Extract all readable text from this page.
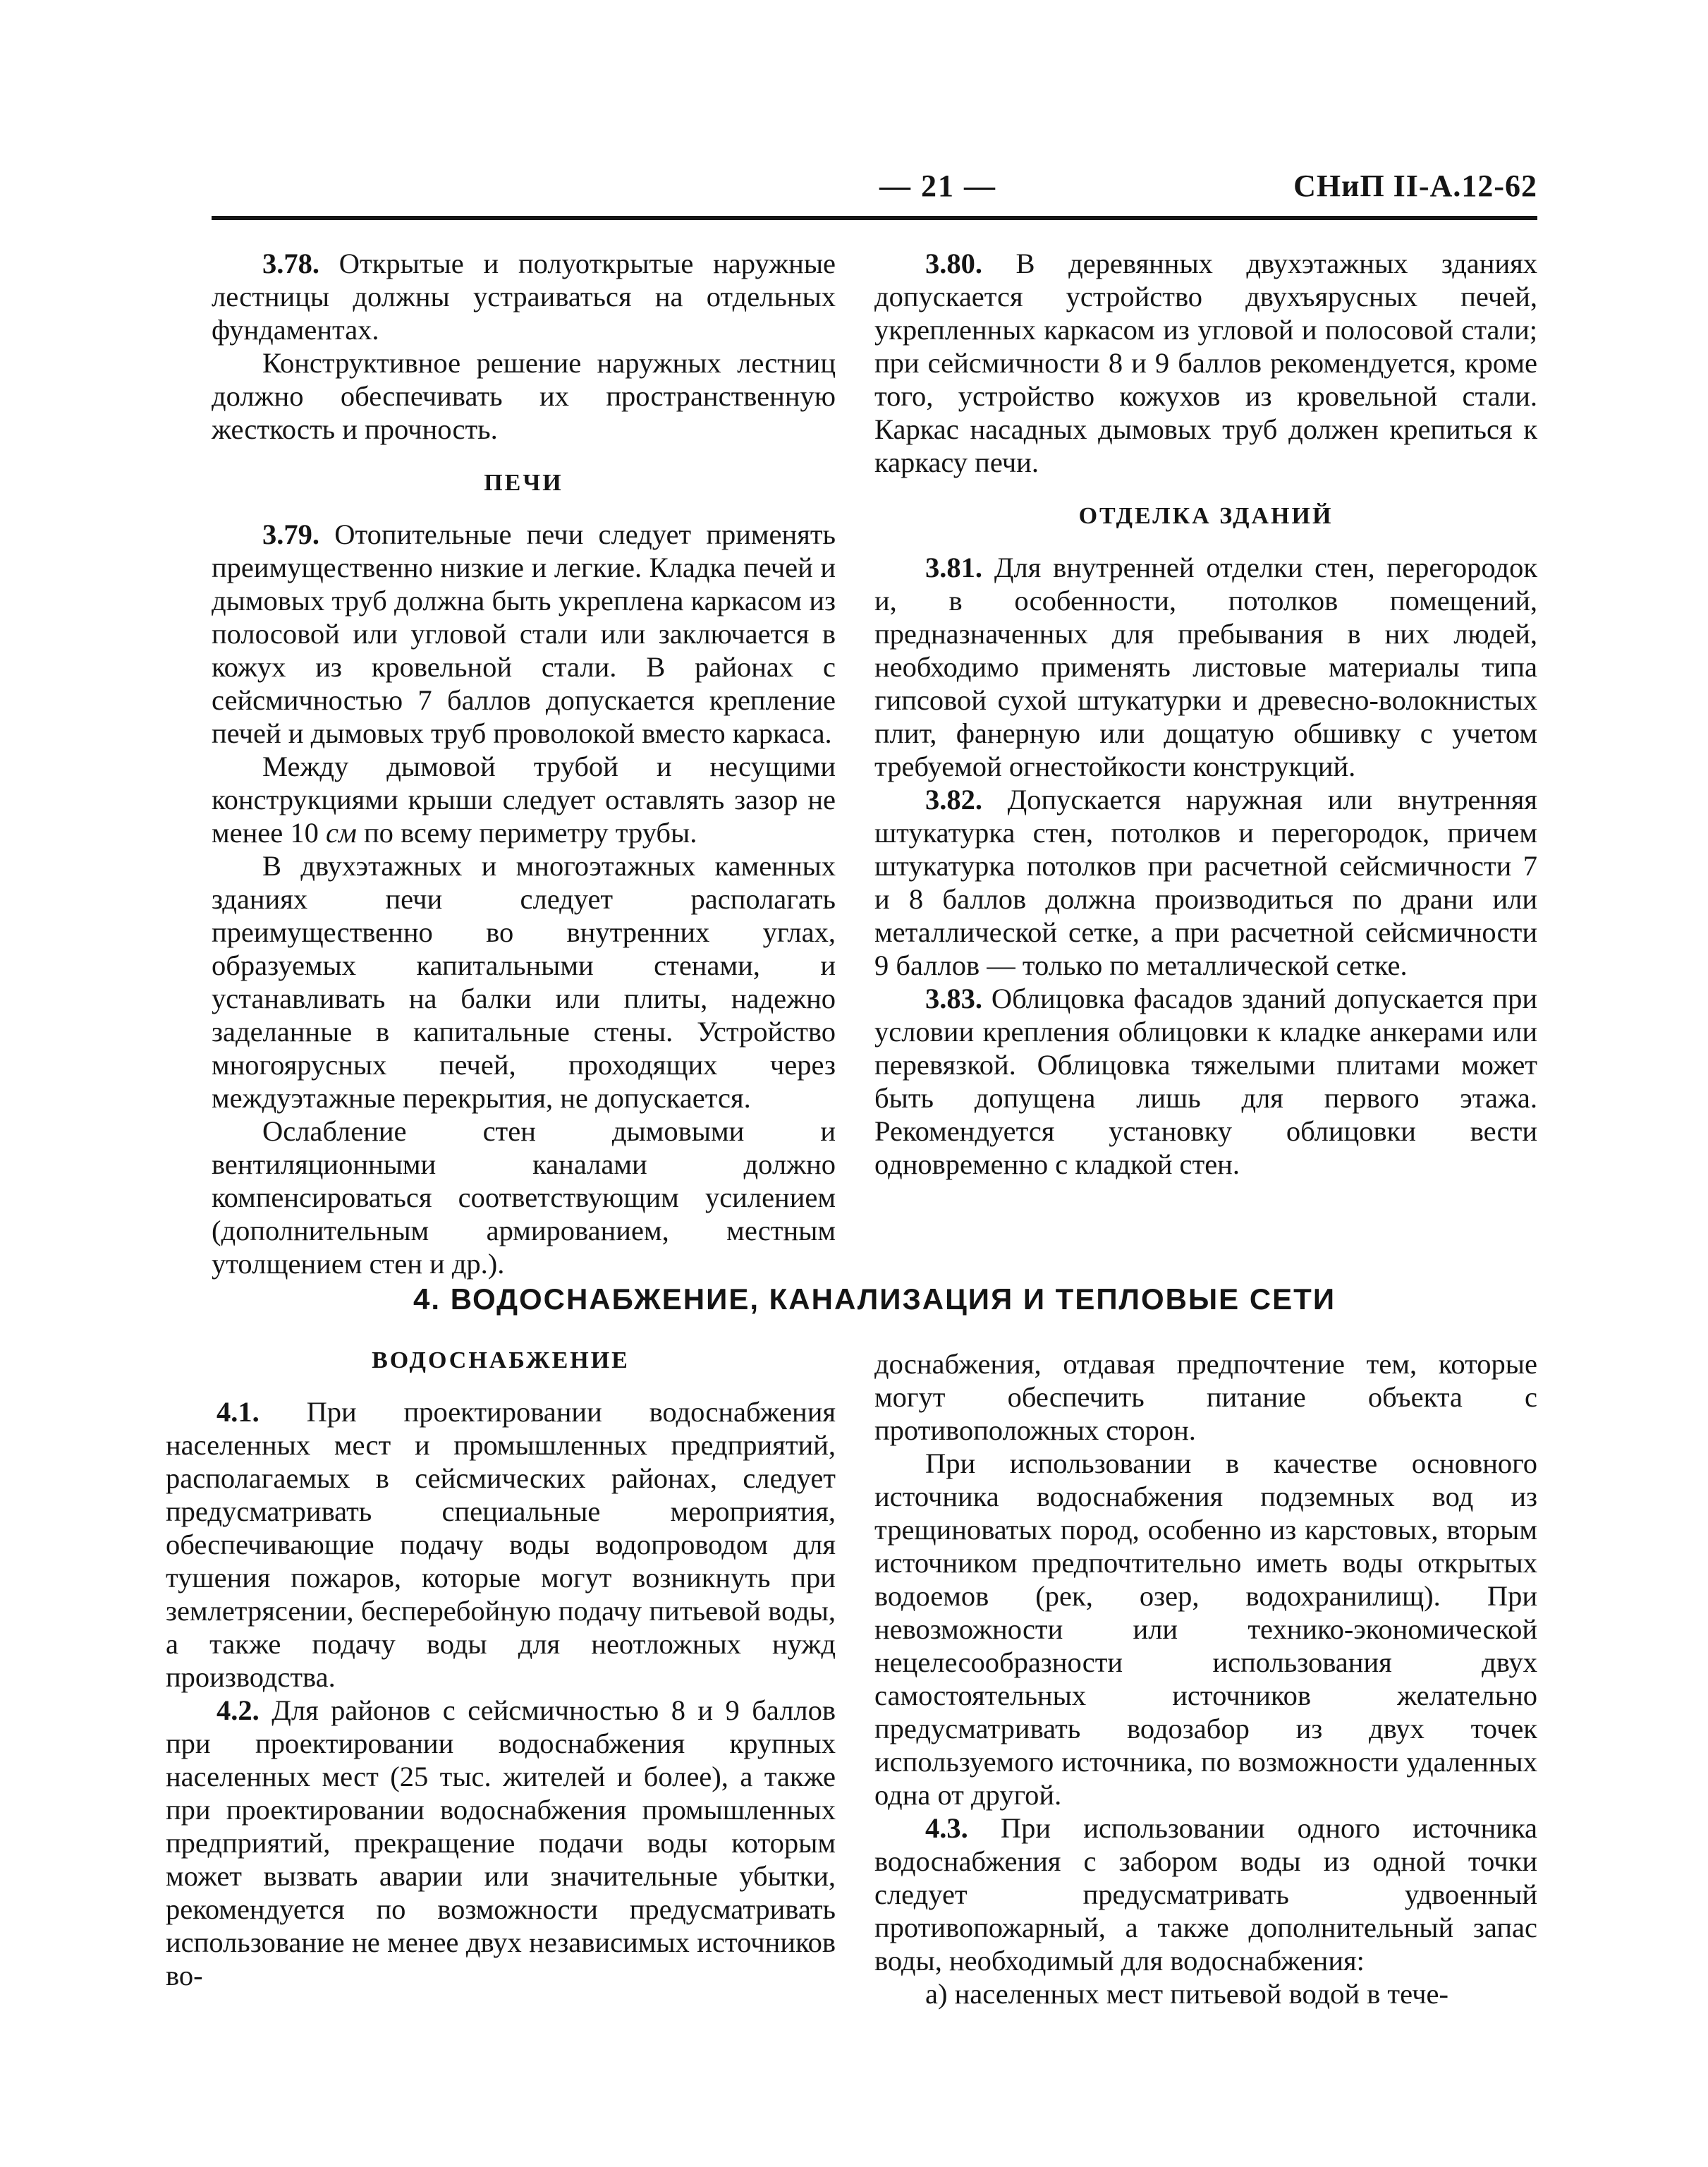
— 21 —	СНиП II-А.12-62

3.78. Открытые и полуоткрытые наружные лестницы должны устраиваться на отдельных фундаментах.

Конструктивное решение наружных лестниц должно обеспечивать их пространственную жесткость и прочность.

ПЕЧИ

3.79. Отопительные печи следует применять преимущественно низкие и легкие. Кладка печей и дымовых труб должна быть укреплена каркасом из полосовой или угловой стали или заключается в кожух из кровельной стали. В районах с сейсмичностью 7 баллов допускается крепление печей и дымовых труб проволокой вместо каркаса.

Между дымовой трубой и несущими конструкциями крыши следует оставлять зазор не менее 10 см по всему периметру трубы.

В двухэтажных и многоэтажных каменных зданиях печи следует располагать преимущественно во внутренних углах, образуемых капитальными стенами, и устанавливать на балки или плиты, надежно заделанные в капитальные стены. Устройство многоярусных печей, проходящих через междуэтажные перекрытия, не допускается.

Ослабление стен дымовыми и вентиляционными каналами должно компенсироваться соответствующим усилением (дополнительным армированием, местным утолщением стен и др.).

3.80. В деревянных двухэтажных зданиях допускается устройство двухъярусных печей, укрепленных каркасом из угловой и полосовой стали; при сейсмичности 8 и 9 баллов рекомендуется, кроме того, устройство кожухов из кровельной стали. Каркас насадных дымовых труб должен крепиться к каркасу печи.

ОТДЕЛКА ЗДАНИЙ

3.81. Для внутренней отделки стен, перегородок и, в особенности, потолков помещений, предназначенных для пребывания в них людей, необходимо применять листовые материалы типа гипсовой сухой штукатурки и древесно-волокнистых плит, фанерную или дощатую обшивку с учетом требуемой огнестойкости конструкций.

3.82. Допускается наружная или внутренняя штукатурка стен, потолков и перегородок, причем штукатурка потолков при расчетной сейсмичности 7 и 8 баллов должна производиться по драни или металлической сетке, а при расчетной сейсмичности 9 баллов — только по металлической сетке.

3.83. Облицовка фасадов зданий допускается при условии крепления облицовки к кладке анкерами или перевязкой. Облицовка тяжелыми плитами может быть допущена лишь для первого этажа. Рекомендуется установку облицовки вести одновременно с кладкой стен.

4. ВОДОСНАБЖЕНИЕ, КАНАЛИЗАЦИЯ И ТЕПЛОВЫЕ СЕТИ
ВОДОСНАБЖЕНИЕ

4.1. При проектировании водоснабжения населенных мест и промышленных предприятий, располагаемых в сейсмических районах, следует предусматривать специальные мероприятия, обеспечивающие подачу воды водопроводом для тушения пожаров, которые могут возникнуть при землетрясении, бесперебойную подачу питьевой воды, а также подачу воды для неотложных нужд производства.

4.2. Для районов с сейсмичностью 8 и 9 баллов при проектировании водоснабжения крупных населенных мест (25 тыс. жителей и более), а также при проектировании водоснабжения промышленных предприятий, прекращение подачи воды которым может вызвать аварии или значительные убытки, рекомендуется по возможности предусматривать использование не менее двух независимых источников во-

доснабжения, отдавая предпочтение тем, которые могут обеспечить питание объекта с противоположных сторон.

При использовании в качестве основного источника водоснабжения подземных вод из трещиноватых пород, особенно из карстовых, вторым источником предпочтительно иметь воды открытых водоемов (рек, озер, водохранилищ). При невозможности или технико-экономической нецелесообразности использования двух самостоятельных источников желательно предусматривать водозабор из двух точек используемого источника, по возможности удаленных одна от другой.

4.3. При использовании одного источника водоснабжения с забором воды из одной точки следует предусматривать удвоенный противопожарный, а также дополнительный запас воды, необходимый для водоснабжения:

а) населенных мест питьевой водой в тече-
